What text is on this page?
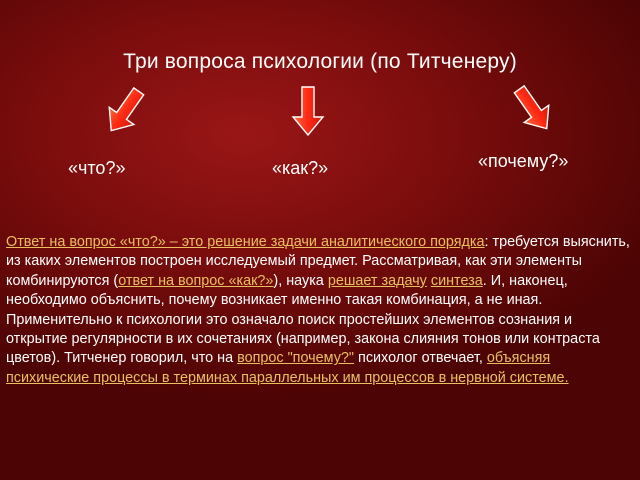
Три вопроса психологии (по Титченеру)
«что?»	«как?»	«почему?»
Ответ на вопрос «что?» – это решение задачи аналитического порядка: требуется выяснить, из каких элементов построен исследуемый предмет. Рассматривая, как эти элементы комбинируются (ответ на вопрос «как?»), наука решает задачу синтеза. И, наконец, необходимо объяснить, почему возникает именно такая комбинация, а не иная. Применительно к психологии это означало поиск простейших элементов сознания и открытие регулярности в их сочетаниях (например, закона слияния тонов или контраста цветов). Титченер говорил, что на вопрос "почему?" психолог отвечает, объясняя психические процессы в терминах параллельных им процессов в нервной системе.
